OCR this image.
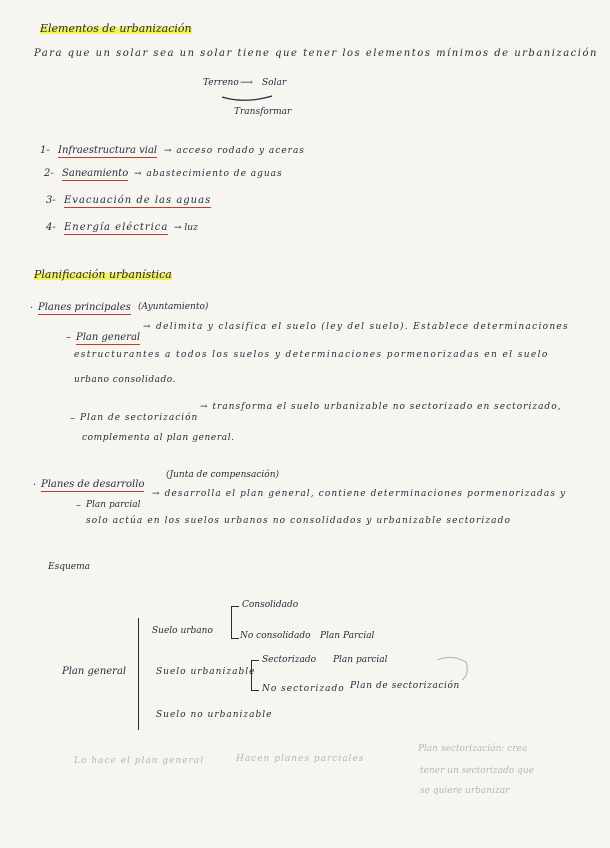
Elementos de urbanización
Para que un solar sea un solar tiene que tener los elementos mínimos de urbanización
Terreno ⟶ Solar
Transformar
1- Infraestructura vial → acceso rodado y aceras
2- Saneamiento → abastecimiento de aguas
3- Evacuación de las aguas
4- Energía eléctrica → luz
Planificación urbanística
· Planes principales (Ayuntamiento)
– Plan general
→ delimita y clasifica el suelo (ley del suelo). Establece determinaciones
estructurantes a todos los suelos y determinaciones pormenorizadas en el suelo
urbano consolidado.
– Plan de sectorización
→ transforma el suelo urbanizable no sectorizado en sectorizado,
complementa al plan general.
· Planes de desarrollo
(Junta de compensación)
– Plan parcial
→ desarrolla el plan general, contiene determinaciones pormenorizadas y
solo actúa en los suelos urbanos no consolidados y urbanizable sectorizado
Esquema
Plan general
Suelo urbano
Consolidado
No consolidado Plan Parcial
Suelo urbanizable
Sectorizado Plan parcial
No sectorizado Plan de sectorización
Suelo no urbanizable
Lo hace el plan general	Hacen planes parciales
Plan sectorización: crea
tener un sectorizado que
se quiere urbanizar
